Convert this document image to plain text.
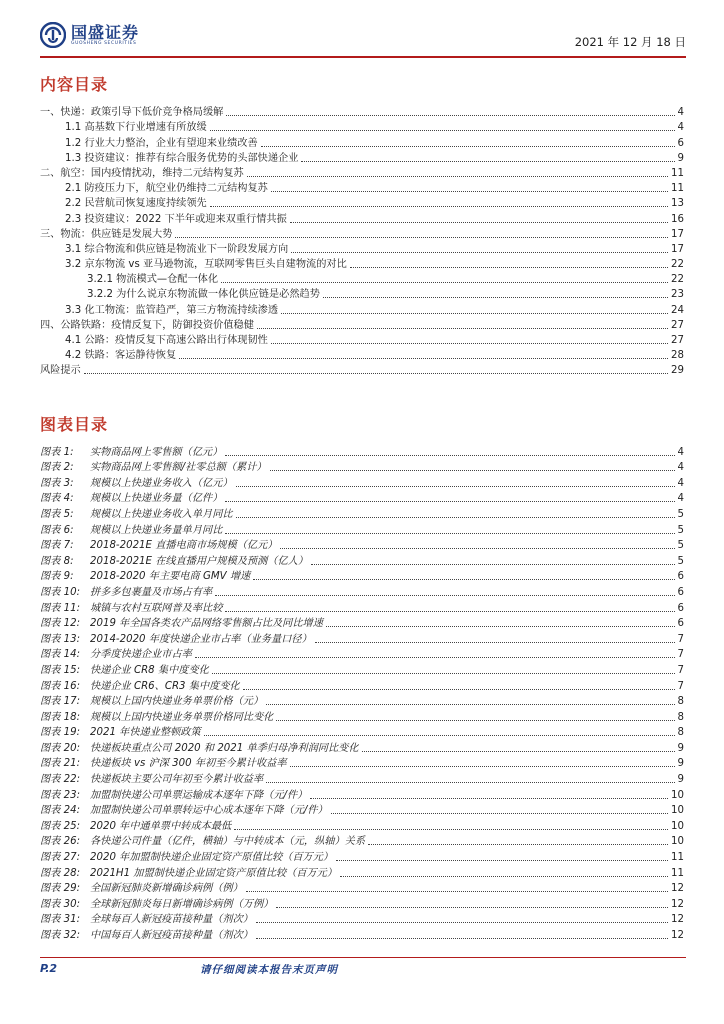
国盛证券
GUOSHENG SECURITIES	2021 年 12 月 18 日
内容目录
一、快递：政策引导下低价竞争格局缓解	4
1.1 高基数下行业增速有所放缓	4
1.2 行业大力整治，企业有望迎来业绩改善	6
1.3 投资建议：推荐有综合服务优势的头部快递企业	9
二、航空：国内疫情扰动，维持二元结构复苏	11
2.1 防疫压力下，航空业仍维持二元结构复苏	11
2.2 民营航司恢复速度持续领先	13
2.3 投资建议：2022 下半年或迎来双重行情共振	16
三、物流：供应链是发展大势	17
3.1 综合物流和供应链是物流业下一阶段发展方向	17
3.2 京东物流 vs 亚马逊物流，互联网零售巨头自建物流的对比	22
3.2.1 物流模式—仓配一体化	22
3.2.2 为什么说京东物流做一体化供应链是必然趋势	23
3.3 化工物流：监管趋严，第三方物流持续渗透	24
四、公路铁路：疫情反复下，防御投资价值稳健	27
4.1 公路：疫情反复下高速公路出行体现韧性	27
4.2 铁路：客运静待恢复	28
风险提示	29
图表目录
图表 1:	实物商品网上零售额（亿元）	4
图表 2:	实物商品网上零售额/社零总额（累计）	4
图表 3:	规模以上快递业务收入（亿元）	4
图表 4:	规模以上快递业务量（亿件）	4
图表 5:	规模以上快递业务收入单月同比	5
图表 6:	规模以上快递业务量单月同比	5
图表 7:	2018-2021E 直播电商市场规模（亿元）	5
图表 8:	2018-2021E 在线直播用户规模及预测（亿人）	5
图表 9:	2018-2020 年主要电商 GMV 增速	6
图表 10: 拼多多包裹量及市场占有率	6
图表 11: 城镇与农村互联网普及率比较	6
图表 12: 2019 年全国各类农产品网络零售额占比及同比增速	6
图表 13: 2014-2020 年度快递企业市占率（业务量口径）	7
图表 14: 分季度快递企业市占率	7
图表 15: 快递企业 CR8 集中度变化	7
图表 16: 快递企业 CR6、CR3 集中度变化	7
图表 17: 规模以上国内快递业务单票价格（元）	8
图表 18: 规模以上国内快递业务单票价格同比变化	8
图表 19: 2021 年快递业整顿政策	8
图表 20: 快递板块重点公司 2020 和 2021 单季归母净利润同比变化	9
图表 21: 快递板块 vs 沪深 300 年初至今累计收益率	9
图表 22: 快递板块主要公司年初至今累计收益率	9
图表 23: 加盟制快递公司单票运输成本逐年下降（元/件）	10
图表 24: 加盟制快递公司单票转运中心成本逐年下降（元/件）	10
图表 25: 2020 年中通单票中转成本最低	10
图表 26: 各快递公司件量（亿件，横轴）与中转成本（元，纵轴）关系	10
图表 27: 2020 年加盟制快递企业固定资产原值比较（百万元）	11
图表 28: 2021H1 加盟制快递企业固定资产原值比较（百万元）	11
图表 29: 全国新冠肺炎新增确诊病例（例）	12
图表 30: 全球新冠肺炎每日新增确诊病例（万例）	12
图表 31: 全球每百人新冠疫苗接种量（剂次）	12
图表 32: 中国每百人新冠疫苗接种量（剂次）	12
P.2	请仔细阅读本报告末页声明
